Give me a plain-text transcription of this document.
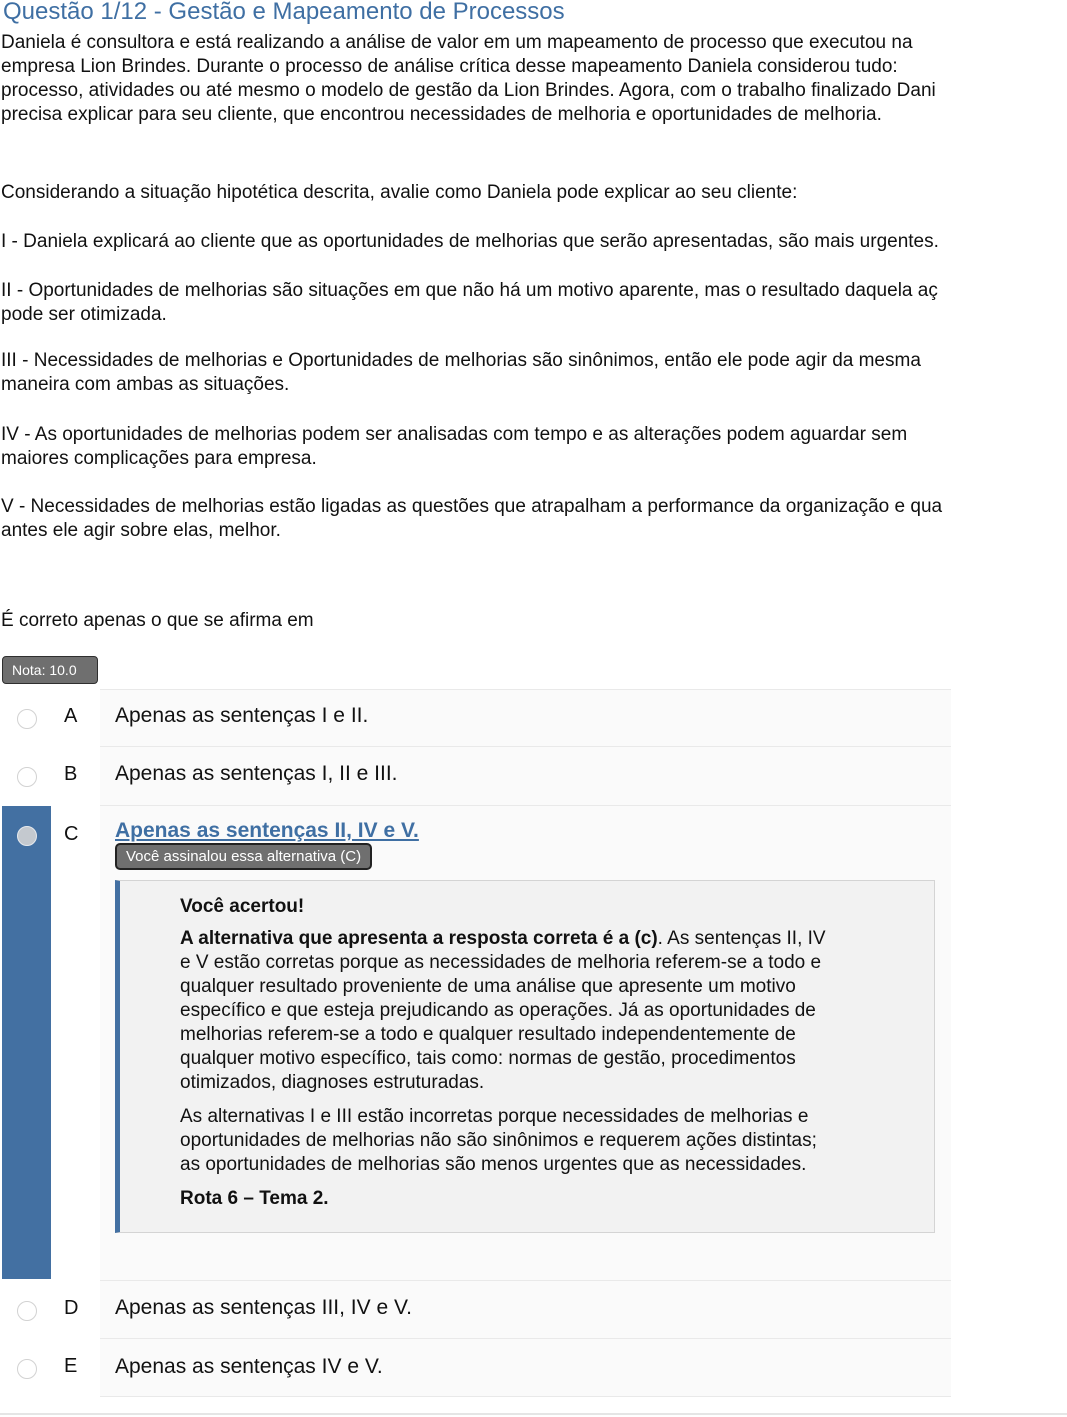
Questão 1/12 - Gestão e Mapeamento de Processos
Daniela é consultora e está realizando a análise de valor em um mapeamento de processo que executou na
empresa Lion Brindes. Durante o processo de análise crítica desse mapeamento Daniela considerou tudo:
processo, atividades ou até mesmo o modelo de gestão da Lion Brindes. Agora, com o trabalho finalizado Dani
precisa explicar para seu cliente, que encontrou necessidades de melhoria e oportunidades de melhoria.
Considerando a situação hipotética descrita, avalie como Daniela pode explicar ao seu cliente:
I - Daniela explicará ao cliente que as oportunidades de melhorias que serão apresentadas, são mais urgentes.
II - Oportunidades de melhorias são situações em que não há um motivo aparente, mas o resultado daquela aç
pode ser otimizada.
III - Necessidades de melhorias e Oportunidades de melhorias são sinônimos, então ele pode agir da mesma
maneira com ambas as situações.
IV - As oportunidades de melhorias podem ser analisadas com tempo e as alterações podem aguardar sem
maiores complicações para empresa.
V - Necessidades de melhorias estão ligadas as questões que atrapalham a performance da organização e qua
antes ele agir sobre elas, melhor.
É correto apenas o que se afirma em
Nota: 10.0
A	Apenas as sentenças I e II.
B	Apenas as sentenças I, II e III.
C	Apenas as sentenças II, IV e V.
Você assinalou essa alternativa (C)
Você acertou!
A alternativa que apresenta a resposta correta é a (c). As sentenças II, IV
e V estão corretas porque as necessidades de melhoria referem-se a todo e
qualquer resultado proveniente de uma análise que apresente um motivo
específico e que esteja prejudicando as operações. Já as oportunidades de
melhorias referem-se a todo e qualquer resultado independentemente de
qualquer motivo específico, tais como: normas de gestão, procedimentos
otimizados, diagnoses estruturadas.
As alternativas I e III estão incorretas porque necessidades de melhorias e
oportunidades de melhorias não são sinônimos e requerem ações distintas;
as oportunidades de melhorias são menos urgentes que as necessidades.
Rota 6 – Tema 2.
D	Apenas as sentenças III, IV e V.
E	Apenas as sentenças IV e V.
